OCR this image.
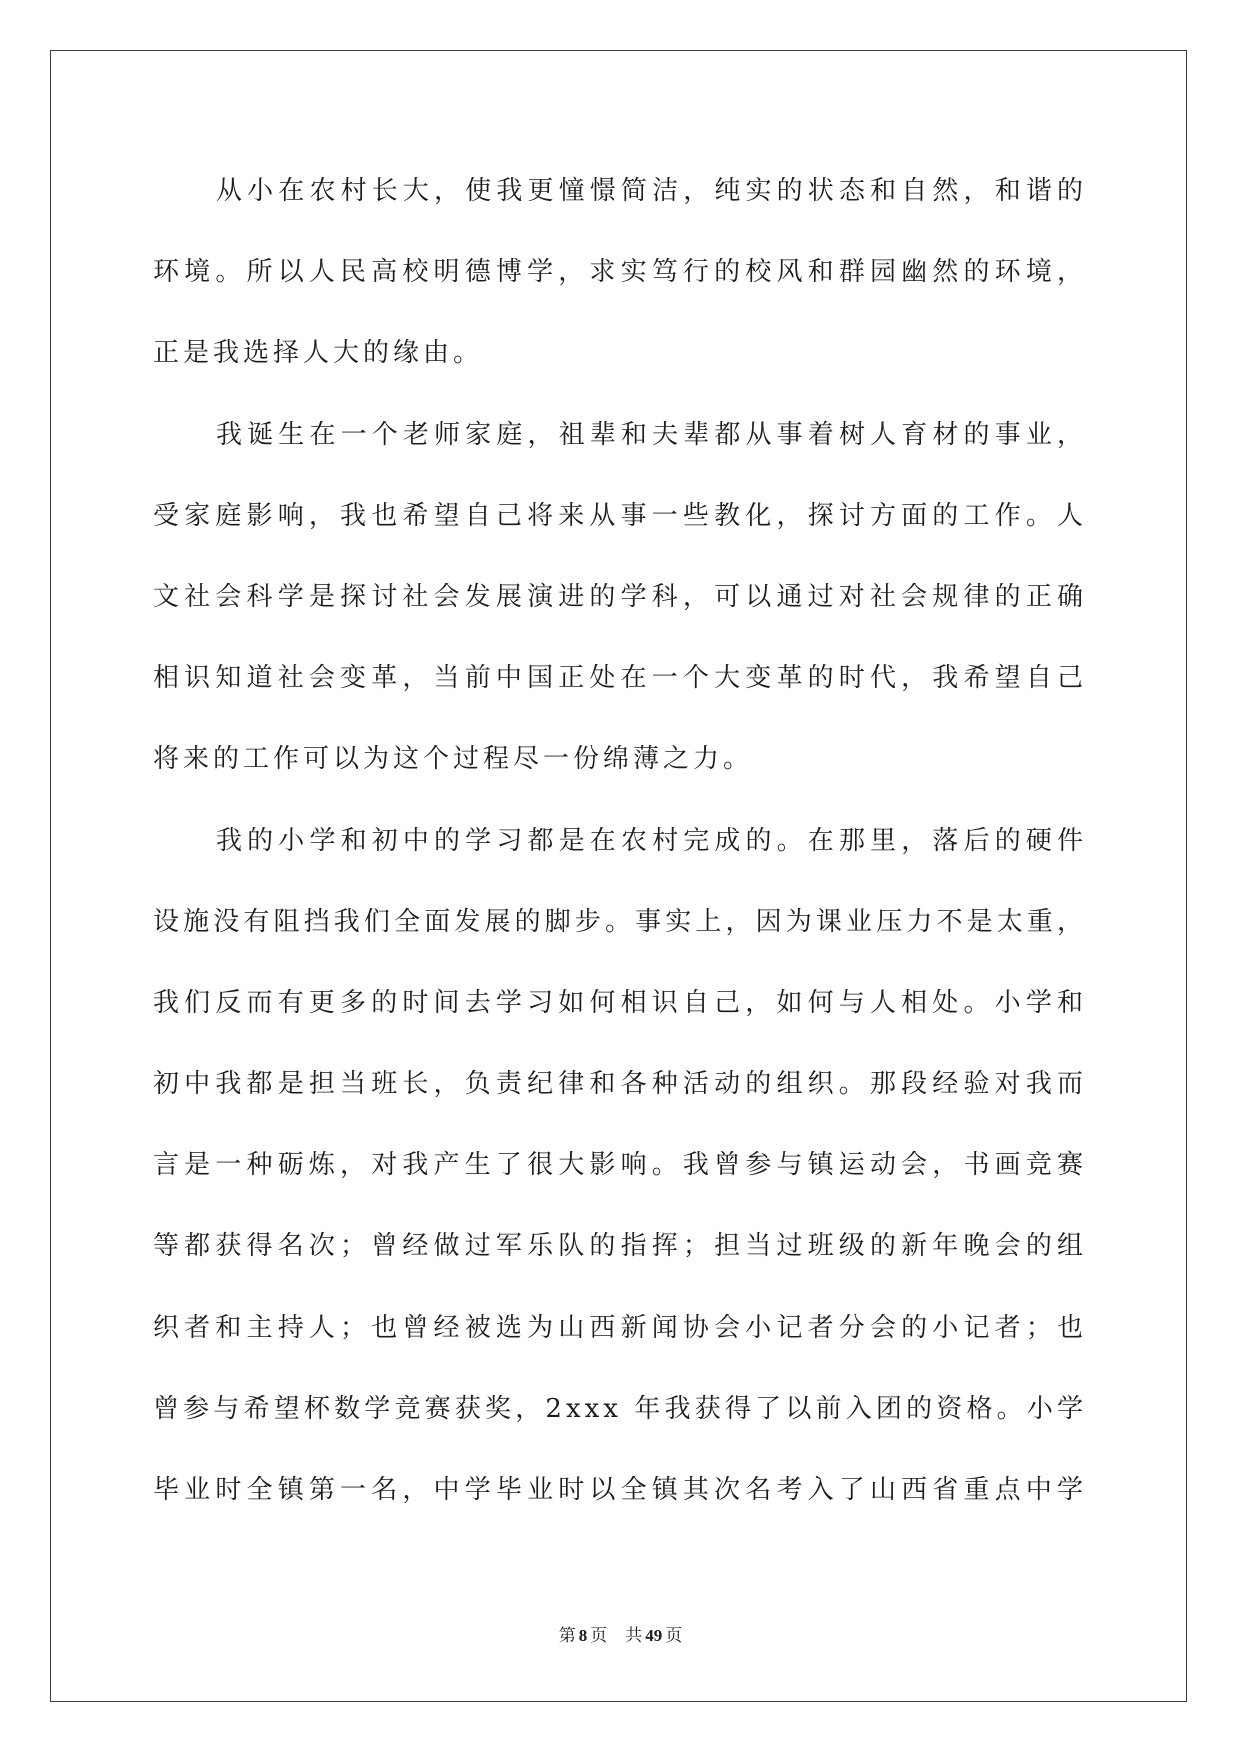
从小在农村长大，使我更憧憬简洁，纯实的状态和自然，和谐的
环境。所以人民高校明德博学，求实笃行的校风和群园幽然的环境，
正是我选择人大的缘由。
我诞生在一个老师家庭，祖辈和夫辈都从事着树人育材的事业，
受家庭影响，我也希望自己将来从事一些教化，探讨方面的工作。人
文社会科学是探讨社会发展演进的学科，可以通过对社会规律的正确
相识知道社会变革，当前中国正处在一个大变革的时代，我希望自己
将来的工作可以为这个过程尽一份绵薄之力。
我的小学和初中的学习都是在农村完成的。在那里，落后的硬件
设施没有阻挡我们全面发展的脚步。事实上，因为课业压力不是太重，
我们反而有更多的时间去学习如何相识自己，如何与人相处。小学和
初中我都是担当班长，负责纪律和各种活动的组织。那段经验对我而
言是一种砺炼，对我产生了很大影响。我曾参与镇运动会，书画竞赛
等都获得名次；曾经做过军乐队的指挥；担当过班级的新年晚会的组
织者和主持人；也曾经被选为山西新闻协会小记者分会的小记者；也
曾参与希望杯数学竞赛获奖，2xxx 年我获得了以前入团的资格。小学
毕业时全镇第一名，中学毕业时以全镇其次名考入了山西省重点中学
第 8 页 共 49 页
